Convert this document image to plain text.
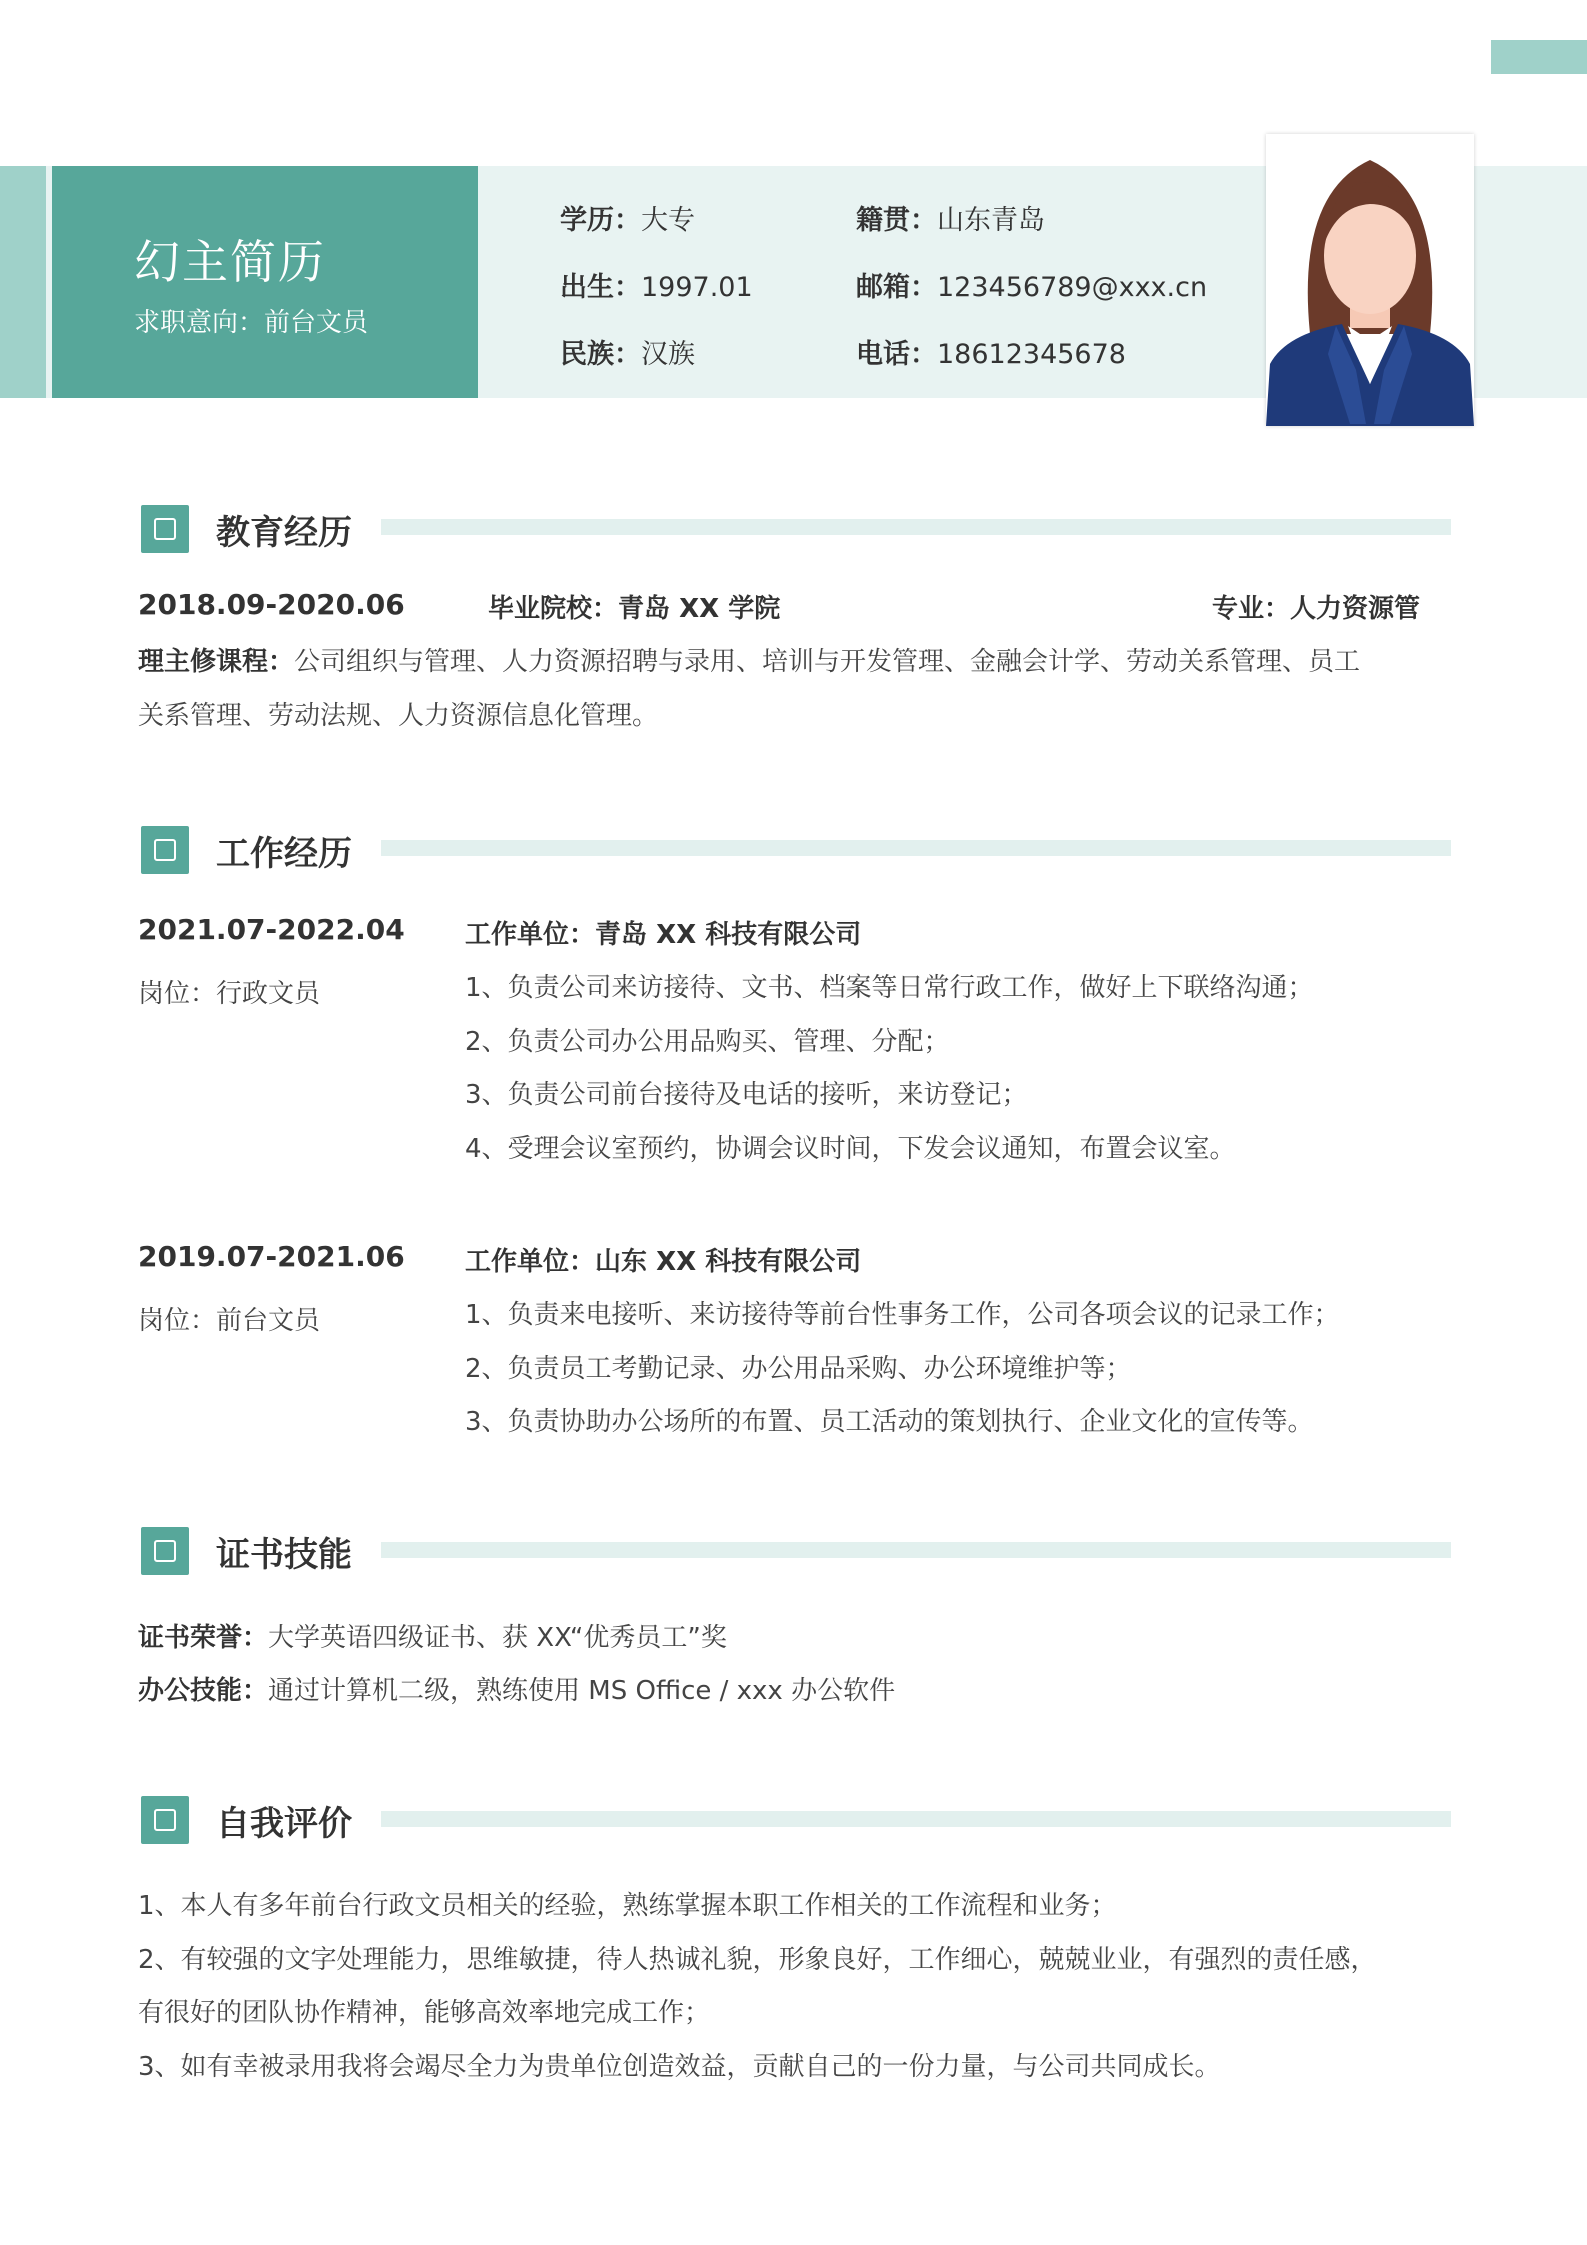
幻主简历
求职意向：前台文员
学历：大专
出生：1997.01
民族：汉族
籍贯：山东青岛
邮箱：123456789@xxx.cn
电话：18612345678
教育经历
2018.09-2020.06	毕业院校：青岛 XX 学院	专业：人力资源管
理主修课程：公司组织与管理、人力资源招聘与录用、培训与开发管理、金融会计学、劳动关系管理、员工
关系管理、劳动法规、人力资源信息化管理。
工作经历
2021.07-2022.04
岗位：行政文员
工作单位：青岛 XX 科技有限公司
1、负责公司来访接待、文书、档案等日常行政工作，做好上下联络沟通；
2、负责公司办公用品购买、管理、分配；
3、负责公司前台接待及电话的接听，来访登记；
4、受理会议室预约，协调会议时间，下发会议通知，布置会议室。
2019.07-2021.06
岗位：前台文员
工作单位：山东 XX 科技有限公司
1、负责来电接听、来访接待等前台性事务工作，公司各项会议的记录工作；
2、负责员工考勤记录、办公用品采购、办公环境维护等；
3、负责协助办公场所的布置、员工活动的策划执行、企业文化的宣传等。
证书技能
证书荣誉：大学英语四级证书、获 XX“优秀员工”奖
办公技能：通过计算机二级，熟练使用 MS Office / xxx 办公软件
自我评价
1、本人有多年前台行政文员相关的经验，熟练掌握本职工作相关的工作流程和业务；
2、有较强的文字处理能力，思维敏捷，待人热诚礼貌，形象良好，工作细心，兢兢业业，有强烈的责任感，
有很好的团队协作精神，能够高效率地完成工作；
3、如有幸被录用我将会竭尽全力为贵单位创造效益，贡献自己的一份力量，与公司共同成长。
